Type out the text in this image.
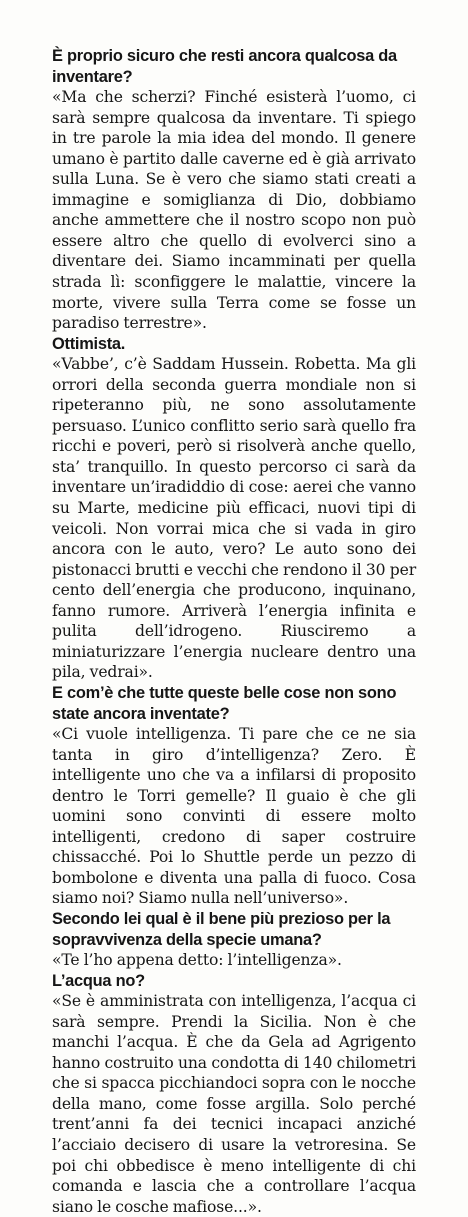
È proprio sicuro che resti ancora qualcosa da inventare?

«Ma che scherzi? Finché esisterà l’uomo, ci sarà sempre qualcosa da inventare. Ti spiego in tre parole la mia idea del mondo. Il genere umano è partito dalle caverne ed è già arrivato sulla Luna. Se è vero che siamo stati creati a immagine e somiglianza di Dio, dobbiamo anche ammettere che il nostro scopo non può essere altro che quello di evolverci sino a diventare dei. Siamo incamminati per quella strada lì: sconfiggere le malattie, vincere la morte, vivere sulla Terra come se fosse un paradiso terrestre».

Ottimista.

«Vabbe’, c’è Saddam Hussein. Robetta. Ma gli orrori della seconda guerra mondiale non si ripeteranno più, ne sono assolutamente persuaso. L’unico conflitto serio sarà quello fra ricchi e poveri, però si risolverà anche quello, sta’ tranquillo. In questo percorso ci sarà da inventare un’iradiddio di cose: aerei che vanno su Marte, medicine più efficaci, nuovi tipi di veicoli. Non vorrai mica che si vada in giro ancora con le auto, vero? Le auto sono dei pistonacci brutti e vecchi che rendono il 30 per cento dell’energia che producono, inquinano, fanno rumore. Arriverà l’energia infinita e pulita dell’idrogeno. Riusciremo a miniaturizzare l’energia nucleare dentro una pila, vedrai».

E com’è che tutte queste belle cose non sono state ancora inventate?

«Ci vuole intelligenza. Ti pare che ce ne sia tanta in giro d’intelligenza? Zero. È intelligente uno che va a infilarsi di proposito dentro le Torri gemelle? Il guaio è che gli uomini sono convinti di essere molto intelligenti, credono di saper costruire chissacché. Poi lo Shuttle perde un pezzo di bombolone e diventa una palla di fuoco. Cosa siamo noi? Siamo nulla nell’universo».

Secondo lei qual è il bene più prezioso per la sopravvivenza della specie umana?

«Te l’ho appena detto: l’intelligenza».

L’acqua no?

«Se è amministrata con intelligenza, l’acqua ci sarà sempre. Prendi la Sicilia. Non è che manchi l’acqua. È che da Gela ad Agrigento hanno costruito una condotta di 140 chilometri che si spacca picchiandoci sopra con le nocche della mano, come fosse argilla. Solo perché trent’anni fa dei tecnici incapaci anziché l’acciaio decisero di usare la vetroresina. Se poi chi obbedisce è meno intelligente di chi comanda e lascia che a controllare l’acqua siano le cosche mafiose...».
